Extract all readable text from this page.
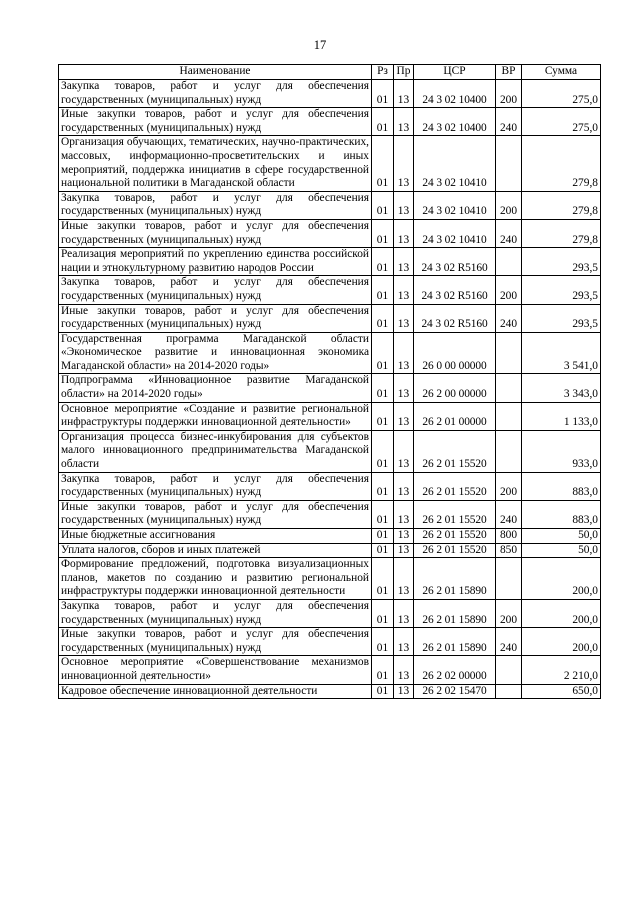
17
Наименование	Рз	Пр	ЦСР	ВР	Сумма
Закупка товаров, работ и услуг для обеспечения государственных (муниципальных) нужд	01	13	24 3 02 10400	200	275,0
Иные закупки товаров, работ и услуг для обеспечения государственных (муниципальных) нужд	01	13	24 3 02 10400	240	275,0
Организация обучающих, тематических, научно-практических, массовых, информационно-просветительских и иных мероприятий, поддержка инициатив в сфере государственной национальной политики в Магаданской области	01	13	24 3 02 10410		279,8
Закупка товаров, работ и услуг для обеспечения государственных (муниципальных) нужд	01	13	24 3 02 10410	200	279,8
Иные закупки товаров, работ и услуг для обеспечения государственных (муниципальных) нужд	01	13	24 3 02 10410	240	279,8
Реализация мероприятий по укреплению единства российской нации и этнокультурному развитию народов России	01	13	24 3 02 R5160		293,5
Закупка товаров, работ и услуг для обеспечения государственных (муниципальных) нужд	01	13	24 3 02 R5160	200	293,5
Иные закупки товаров, работ и услуг для обеспечения государственных (муниципальных) нужд	01	13	24 3 02 R5160	240	293,5
Государственная программа Магаданской области «Экономическое развитие и инновационная экономика Магаданской области» на 2014-2020 годы»	01	13	26 0 00 00000		3 541,0
Подпрограмма «Инновационное развитие Магаданской области» на 2014-2020 годы»	01	13	26 2 00 00000		3 343,0
Основное мероприятие «Создание и развитие региональной инфраструктуры поддержки инновационной деятельности»	01	13	26 2 01 00000		1 133,0
Организация процесса бизнес-инкубирования для субъектов малого инновационного предпринимательства Магаданской области	01	13	26 2 01 15520		933,0
Закупка товаров, работ и услуг для обеспечения государственных (муниципальных) нужд	01	13	26 2 01 15520	200	883,0
Иные закупки товаров, работ и услуг для обеспечения государственных (муниципальных) нужд	01	13	26 2 01 15520	240	883,0
Иные бюджетные ассигнования	01	13	26 2 01 15520	800	50,0
Уплата налогов, сборов и иных платежей	01	13	26 2 01 15520	850	50,0
Формирование предложений, подготовка визуализационных планов, макетов по созданию и развитию региональной инфраструктуры поддержки инновационной деятельности	01	13	26 2 01 15890		200,0
Закупка товаров, работ и услуг для обеспечения государственных (муниципальных) нужд	01	13	26 2 01 15890	200	200,0
Иные закупки товаров, работ и услуг для обеспечения государственных (муниципальных) нужд	01	13	26 2 01 15890	240	200,0
Основное мероприятие «Совершенствование механизмов инновационной деятельности»	01	13	26 2 02 00000		2 210,0
Кадровое обеспечение инновационной деятельности	01	13	26 2 02 15470		650,0
